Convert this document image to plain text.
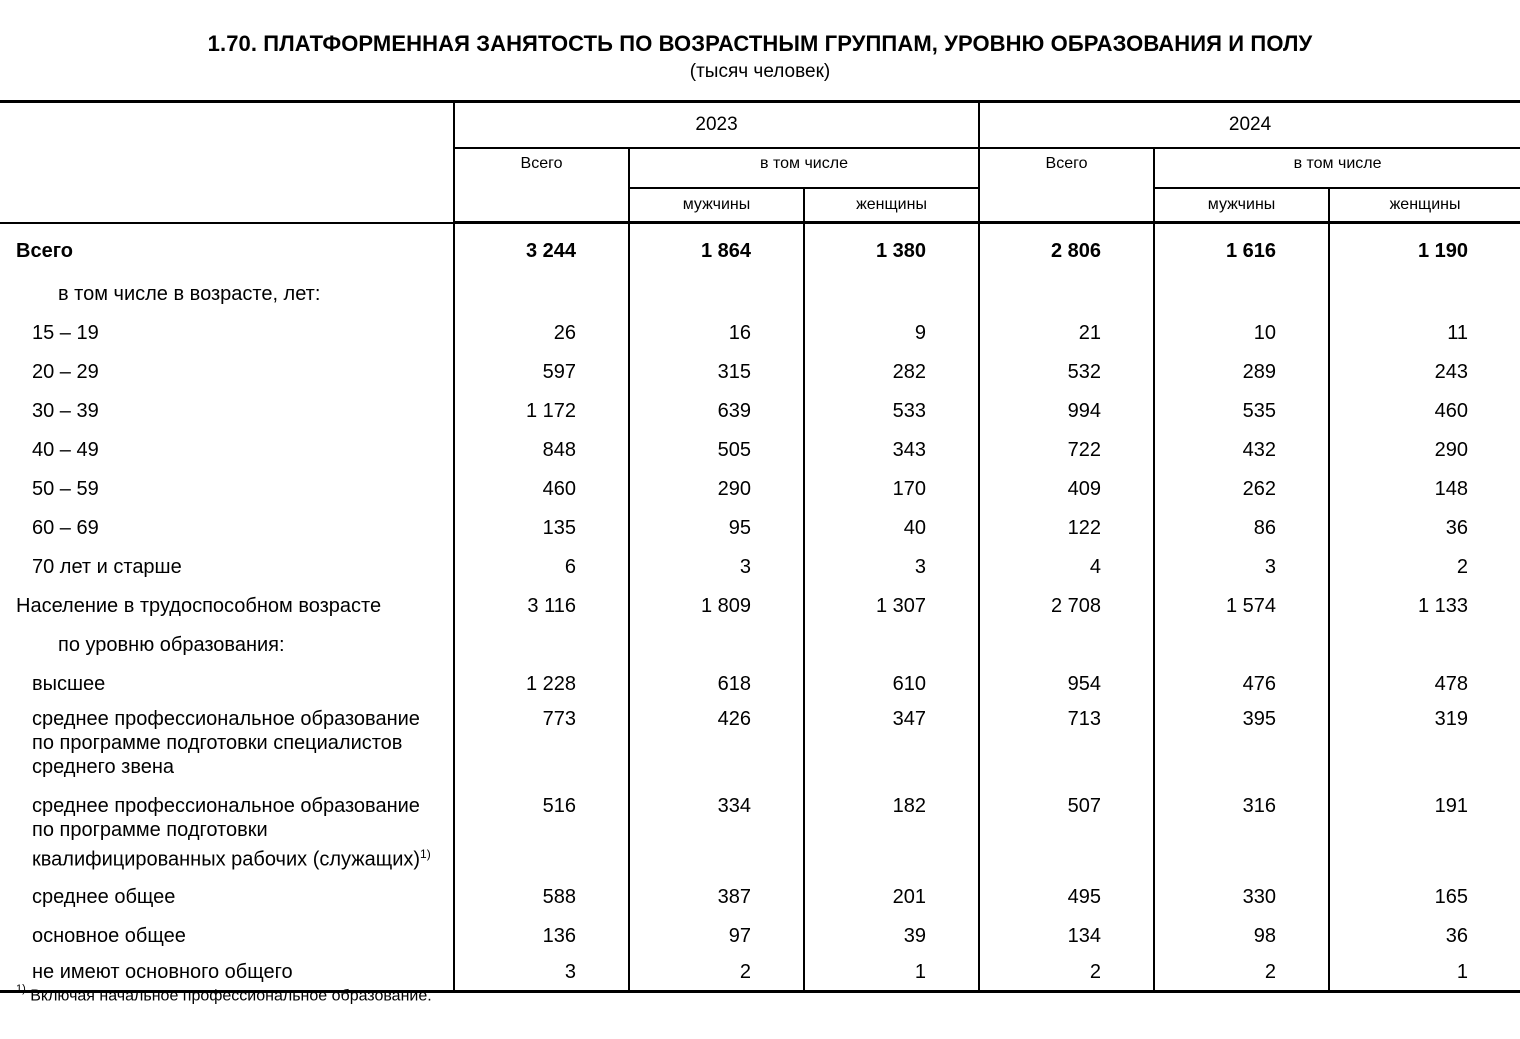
1.70. ПЛАТФОРМЕННАЯ ЗАНЯТОСТЬ ПО ВОЗРАСТНЫМ ГРУППАМ, УРОВНЮ ОБРАЗОВАНИЯ И ПОЛУ
(тысяч человек)
	2023			2024		
	Всего	в том числе		Всего	в том числе	
		мужчины	женщины		мужчины	женщины
Всего	3 244	1 864	1 380	2 806	1 616	1 190
в том числе в возрасте, лет:						
15 – 19	26	16	9	21	10	11
20 – 29	597	315	282	532	289	243
30 – 39	1 172	639	533	994	535	460
40 – 49	848	505	343	722	432	290
50 – 59	460	290	170	409	262	148
60 – 69	135	95	40	122	86	36
70 лет и старше	6	3	3	4	3	2
Население в трудоспособном возрасте	3 116	1 809	1 307	2 708	1 574	1 133
по уровню образования:						
высшее	1 228	618	610	954	476	478
среднее профессиональное образование по программе подготовки специалистов среднего звена	773	426	347	713	395	319
среднее профессиональное образование по программе подготовки квалифицированных рабочих (служащих)$^{1)}$	516	334	182	507	316	191
среднее общее	588	387	201	495	330	165
основное общее	136	97	39	134	98	36
не имеют основного общего	3	2	1	2	2	1
$^{1)}$ Включая начальное профессиональное образование.
